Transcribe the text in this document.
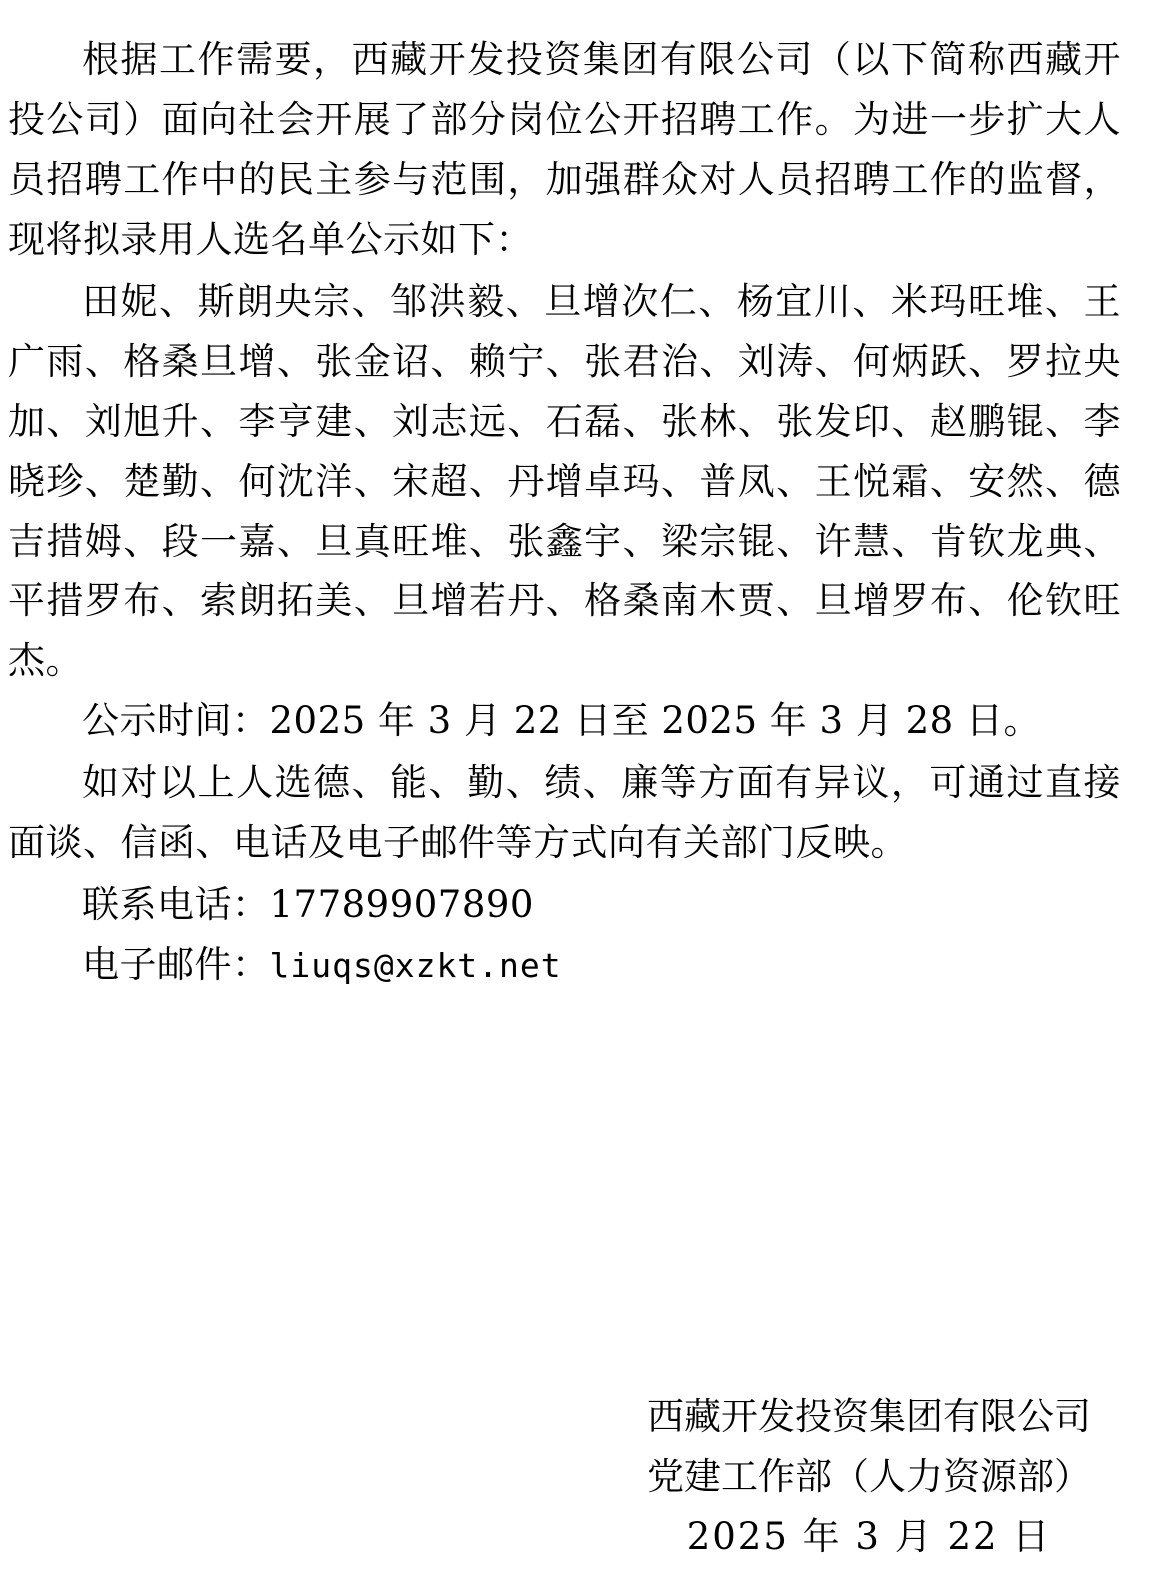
根据工作需要，西藏开发投资集团有限公司（以下简称西藏开投公司）面向社会开展了部分岗位公开招聘工作。为进一步扩大人员招聘工作中的民主参与范围，加强群众对人员招聘工作的监督，现将拟录用人选名单公示如下：

田妮、斯朗央宗、邹洪毅、旦增次仁、杨宜川、米玛旺堆、王广雨、格桑旦增、张金诏、赖宁、张君治、刘涛、何炳跃、罗拉央加、刘旭升、李亨建、刘志远、石磊、张林、张发印、赵鹏锟、李晓珍、楚勤、何沈洋、宋超、丹增卓玛、普凤、王悦霜、安然、德吉措姆、段一嘉、旦真旺堆、张鑫宇、梁宗锟、许慧、肯钦龙典、平措罗布、索朗拓美、旦增若丹、格桑南木贾、旦增罗布、伦钦旺杰。

公示时间：2025 年 3 月 22 日至 2025 年 3 月 28 日。

如对以上人选德、能、勤、绩、廉等方面有异议，可通过直接面谈、信函、电话及电子邮件等方式向有关部门反映。

联系电话：17789907890

电子邮件：liuqs@xzkt.net

西藏开发投资集团有限公司
党建工作部（人力资源部）
2025 年 3 月 22 日
